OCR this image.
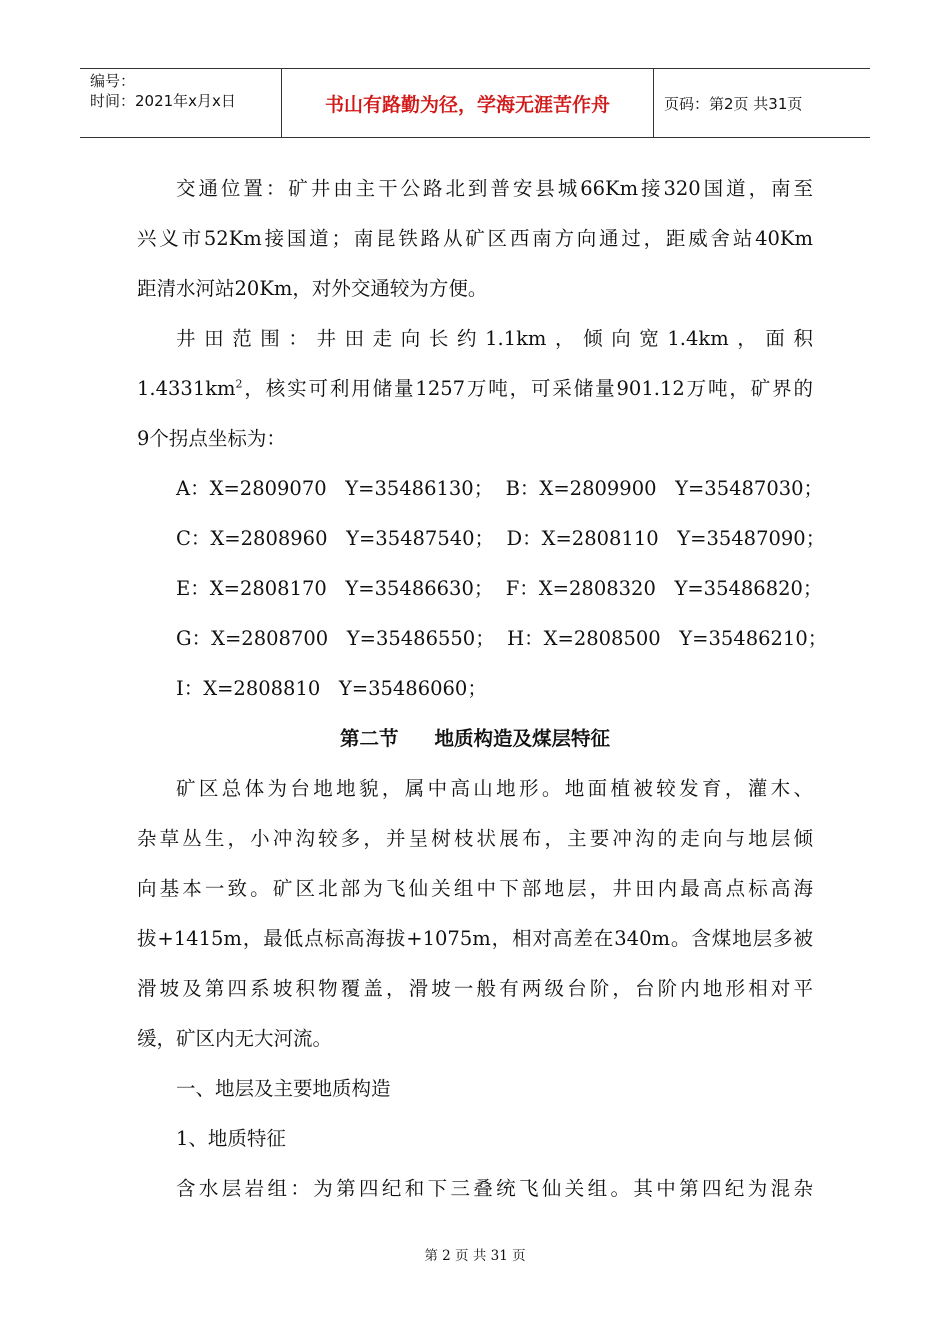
编号：
时间：2021年x月x日	书山有路勤为径，学海无涯苦作舟	页码：第2页 共31页

交通位置：矿井由主干公路北到普安县城66Km接320国道，南至

兴义市52Km接国道；南昆铁路从矿区西南方向通过，距威舍站40Km

距清水河站20Km，对外交通较为方便。

井田范围：井田走向长约1.1km，倾向宽1.4km，面积

$1.4331km^2$，核实可利用储量1257万吨，可采储量901.12万吨，矿界的

9个拐点坐标为：

A：X=2809070   Y=35486130；  B：X=2809900   Y=35487030；

C：X=2808960   Y=35487540；  D：X=2808110   Y=35487090；

E：X=2808170   Y=35486630；  F：X=2808320   Y=35486820；

G：X=2808700   Y=35486550；  H：X=2808500   Y=35486210；

I：X=2808810   Y=35486060；

第二节 地质构造及煤层特征

矿区总体为台地地貌，属中高山地形。地面植被较发育，灌木、

杂草丛生，小冲沟较多，并呈树枝状展布，主要冲沟的走向与地层倾

向基本一致。矿区北部为飞仙关组中下部地层，井田内最高点标高海

拔+1415m，最低点标高海拔+1075m，相对高差在340m。含煤地层多被

滑坡及第四系坡积物覆盖，滑坡一般有两级台阶，台阶内地形相对平

缓，矿区内无大河流。

一、地层及主要地质构造

1、地质特征

含水层岩组：为第四纪和下三叠统飞仙关组。其中第四纪为混杂

第 2 页 共 31 页
